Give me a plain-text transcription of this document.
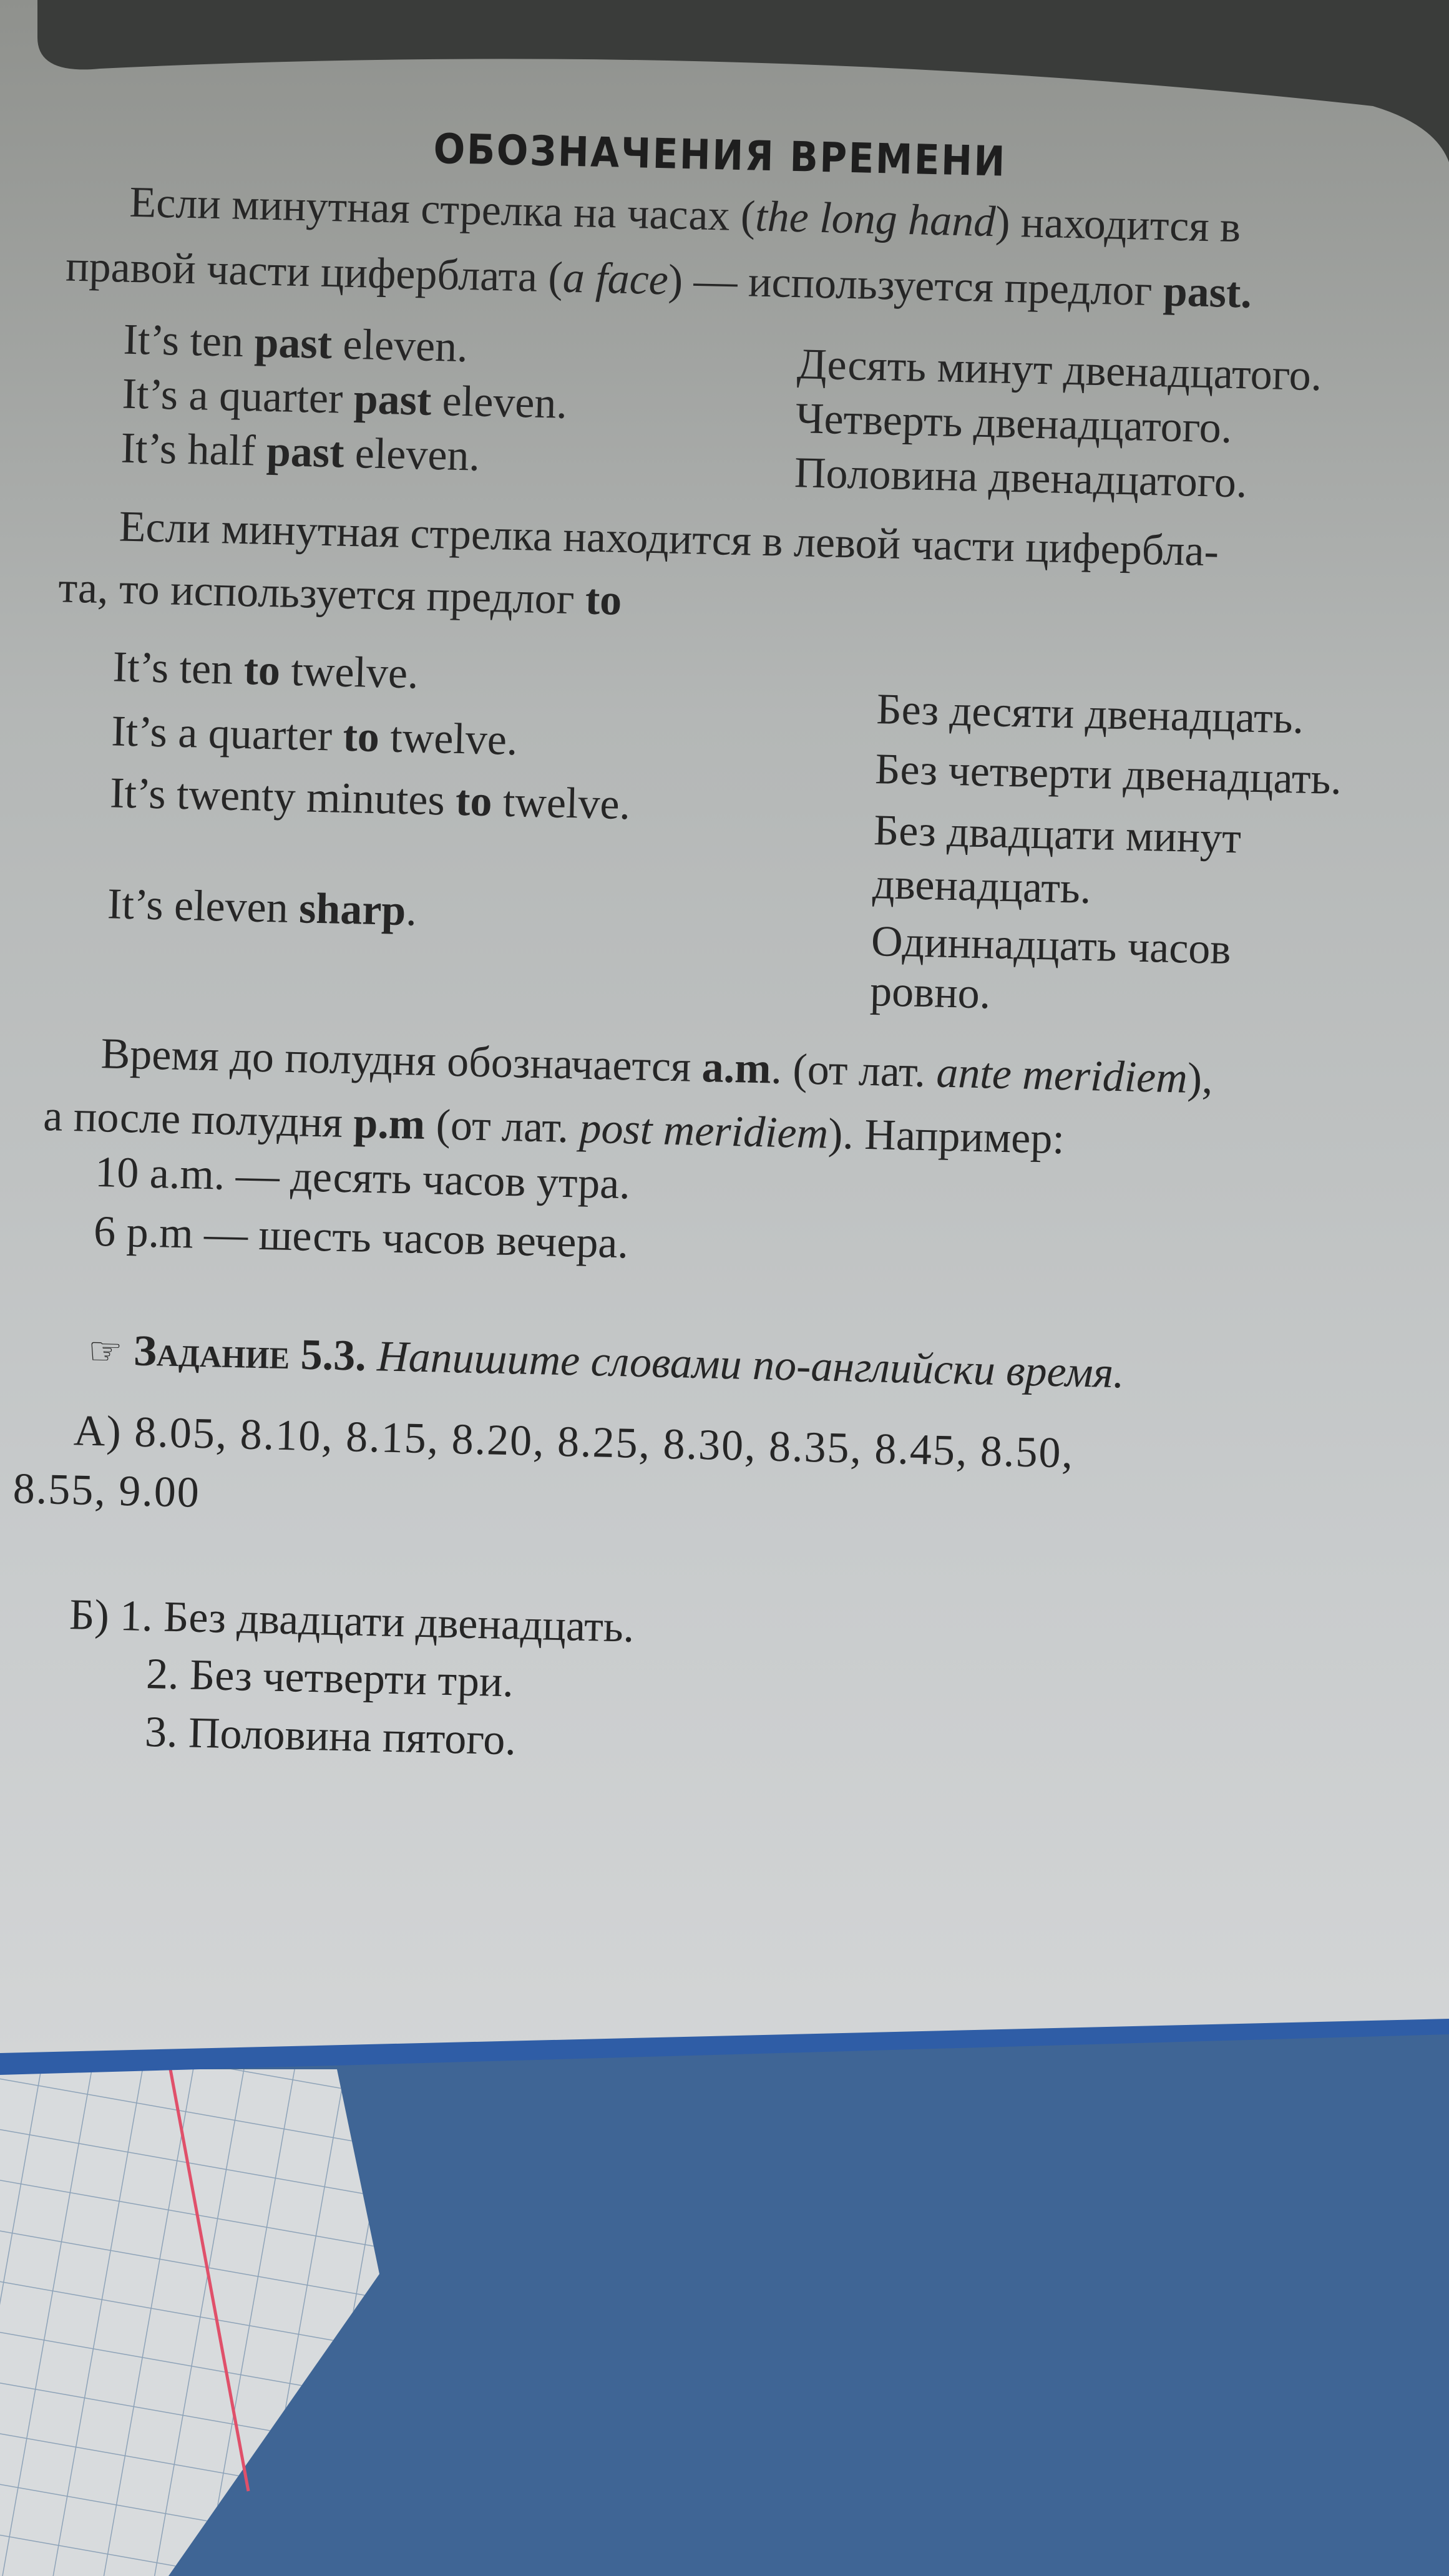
ОБОЗНАЧЕНИЯ ВРЕМЕНИ
Если минутная стрелка на часах (the long hand) находится в
правой части циферблата (a face) — используется предлог past.
It’s ten past eleven.
It’s a quarter past eleven.
It’s half past eleven.
Десять минут двенадцатого.
Четверть двенадцатого.
Половина двенадцатого.
Если минутная стрелка находится в левой части цифербла-
та, то используется предлог to
It’s ten to twelve.
It’s a quarter to twelve.
It’s twenty minutes to twelve.
It’s eleven sharp.
Без десяти двенадцать.
Без четверти двенадцать.
Без двадцати минут
двенадцать.
Одиннадцать часов
ровно.
Время до полудня обозначается a.m. (от лат. ante meridiem),
а после полудня p.m (от лат. post meridiem). Например:
10 a.m. — десять часов утра.
6 p.m — шесть часов вечера.
☞ Задание 5.3. Напишите словами по-английски время.
А) 8.05, 8.10, 8.15, 8.20, 8.25, 8.30, 8.35, 8.45, 8.50,
8.55, 9.00
Б) 1. Без двадцати двенадцать.
2. Без четверти три.
3. Половина пятого.
